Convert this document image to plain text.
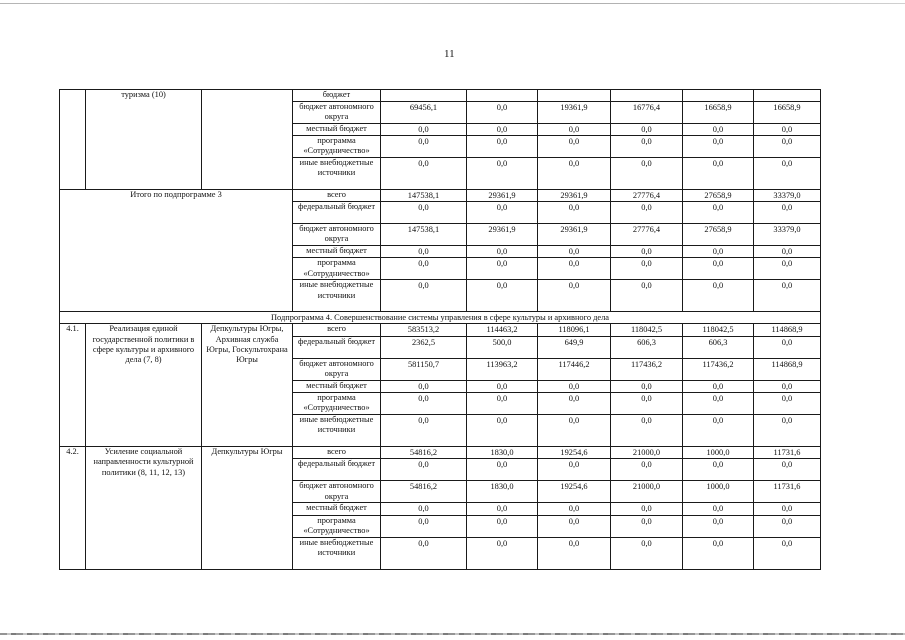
11
	туризма (10)		бюджет						
			бюджет автономного округа	69456,1	0,0	19361,9	16776,4	16658,9	16658,9
			местный бюджет	0,0	0,0	0,0	0,0	0,0	0,0
			программа «Сотрудничество»	0,0	0,0	0,0	0,0	0,0	0,0
			иные внебюджетные источники	0,0	0,0	0,0	0,0	0,0	0,0
Итого по подпрограмме 3			всего	147538,1	29361,9	29361,9	27776,4	27658,9	33379,0
			федеральный бюджет	0,0	0,0	0,0	0,0	0,0	0,0
			бюджет автономного округа	147538,1	29361,9	29361,9	27776,4	27658,9	33379,0
			местный бюджет	0,0	0,0	0,0	0,0	0,0	0,0
			программа «Сотрудничество»	0,0	0,0	0,0	0,0	0,0	0,0
			иные внебюджетные источники	0,0	0,0	0,0	0,0	0,0	0,0
Подпрограмма 4. Совершенствование системы управления в сфере культуры и архивного дела									
4.1.	Реализация единой государственной политики в сфере культуры и архивного дела (7, 8)	Депкультуры Югры, Архивная служба Югры, Госкультохрана Югры	всего	583513,2	114463,2	118096,1	118042,5	118042,5	114868,9
			федеральный бюджет	2362,5	500,0	649,9	606,3	606,3	0,0
			бюджет автономного округа	581150,7	113963,2	117446,2	117436,2	117436,2	114868,9
			местный бюджет	0,0	0,0	0,0	0,0	0,0	0,0
			программа «Сотрудничество»	0,0	0,0	0,0	0,0	0,0	0,0
			иные внебюджетные источники	0,0	0,0	0,0	0,0	0,0	0,0
4.2.	Усиление социальной направленности культурной политики (8, 11, 12, 13)	Депкультуры Югры	всего	54816,2	1830,0	19254,6	21000,0	1000,0	11731,6
			федеральный бюджет	0,0	0,0	0,0	0,0	0,0	0,0
			бюджет автономного округа	54816,2	1830,0	19254,6	21000,0	1000,0	11731,6
			местный бюджет	0,0	0,0	0,0	0,0	0,0	0,0
			программа «Сотрудничество»	0,0	0,0	0,0	0,0	0,0	0,0
			иные внебюджетные источники	0,0	0,0	0,0	0,0	0,0	0,0
